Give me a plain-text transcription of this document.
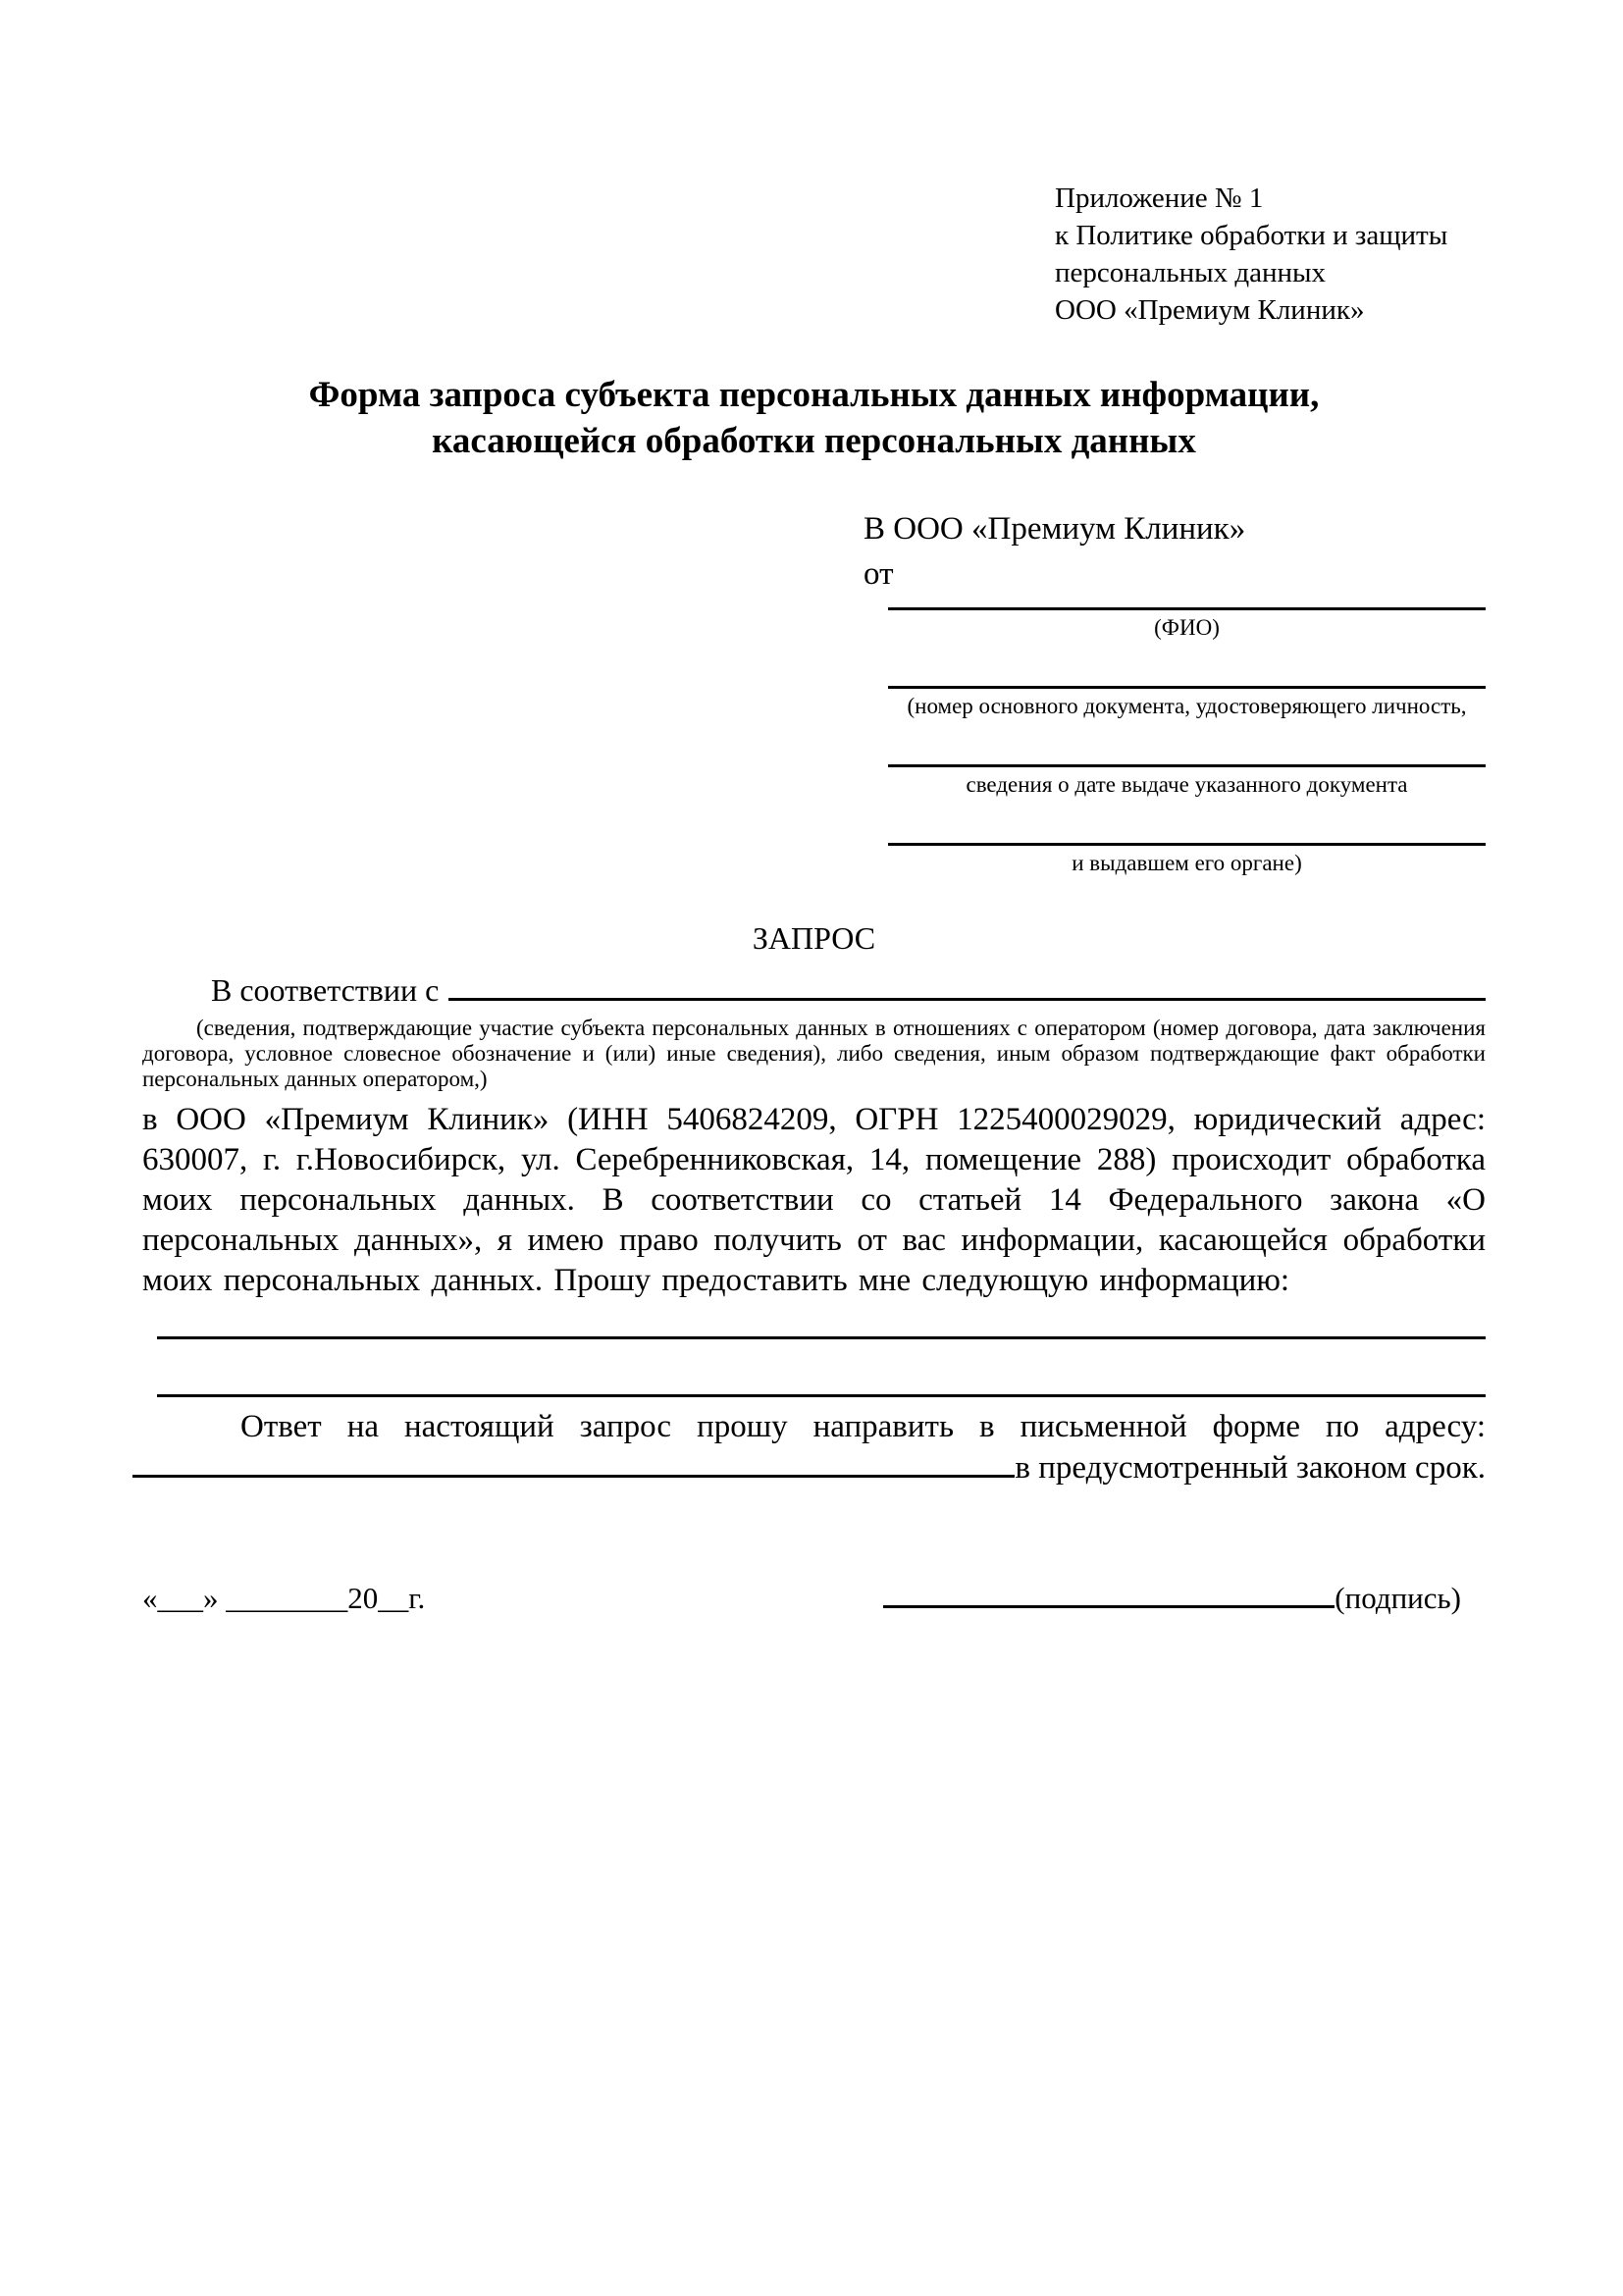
Приложение № 1
к Политике обработки и защиты
персональных данных
ООО «Премиум Клиник»
Форма запроса субъекта персональных данных информации,
касающейся обработки персональных данных
В ООО «Премиум Клиник»
от
(ФИО)
(номер основного документа, удостоверяющего личность,
сведения о дате выдаче указанного документа
и выдавшем его органе)
ЗАПРОС
В соответствии с
(сведения, подтверждающие участие субъекта персональных данных в отношениях с оператором (номер договора, дата заключения договора, условное словесное обозначение и (или) иные сведения), либо сведения, иным образом подтверждающие факт обработки персональных данных оператором,)
в ООО «Премиум Клиник» (ИНН 5406824209, ОГРН 1225400029029, юридический адрес: 630007, г. г.Новосибирск, ул. Серебренниковская, 14, помещение 288) происходит обработка моих персональных данных. В соответствии со статьей 14 Федерального закона «О персональных данных», я имею право получить от вас информации, касающейся обработки моих персональных данных. Прошу предоставить мне следующую информацию:
Ответ на настоящий запрос прошу направить в письменной форме по адресу:
в предусмотренный законом срок.
«___» ________20__г.	(подпись)
